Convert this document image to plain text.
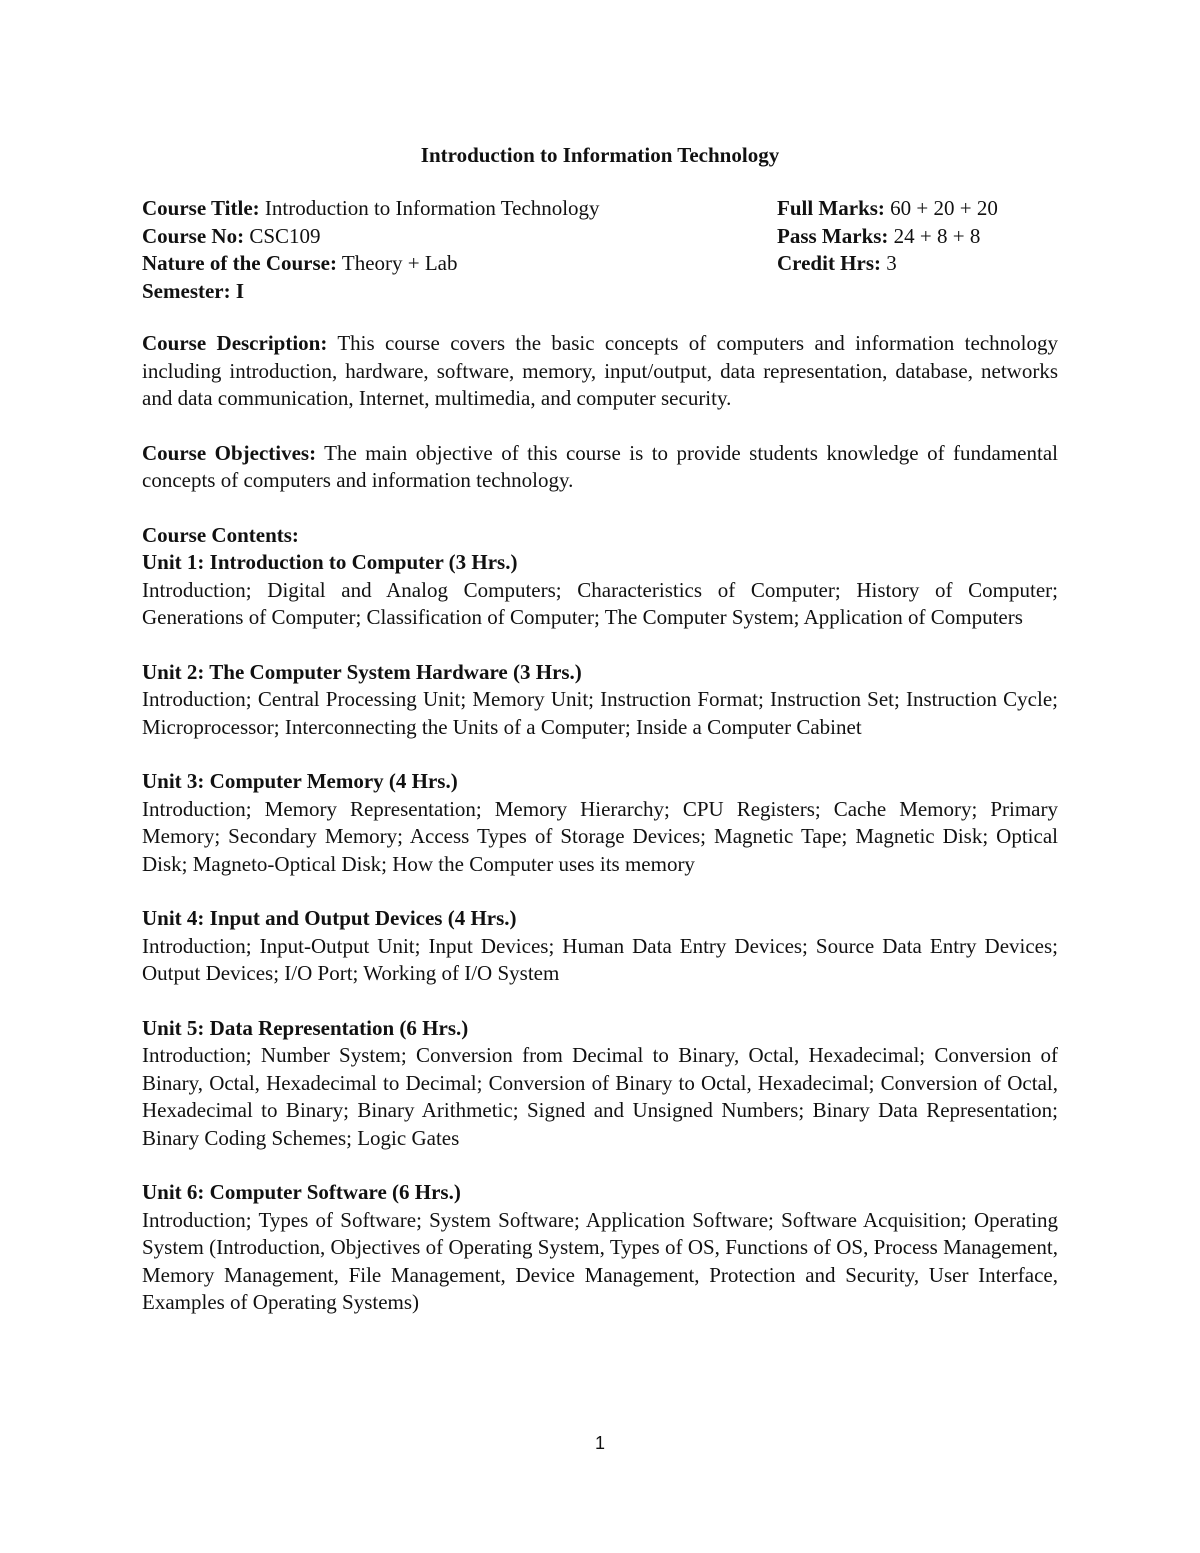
Introduction to Information Technology
Course Title: Introduction to Information Technology	Full Marks: 60 + 20 + 20
Course No: CSC109	Pass Marks: 24 + 8 + 8
Nature of the Course: Theory + Lab	Credit Hrs: 3
Semester: I

Course Description: This course covers the basic concepts of computers and information technology including introduction, hardware, software, memory, input/output, data representation, database, networks and data communication, Internet, multimedia, and computer security.

Course Objectives: The main objective of this course is to provide students knowledge of fundamental concepts of computers and information technology.

Course Contents:

Unit 1: Introduction to Computer (3 Hrs.)

Introduction; Digital and Analog Computers; Characteristics of Computer; History of Computer; Generations of Computer; Classification of Computer; The Computer System; Application of Computers

Unit 2: The Computer System Hardware (3 Hrs.)

Introduction; Central Processing Unit; Memory Unit; Instruction Format; Instruction Set; Instruction Cycle; Microprocessor; Interconnecting the Units of a Computer; Inside a Computer Cabinet

Unit 3: Computer Memory (4 Hrs.)

Introduction; Memory Representation; Memory Hierarchy; CPU Registers; Cache Memory; Primary Memory; Secondary Memory; Access Types of Storage Devices; Magnetic Tape; Magnetic Disk; Optical Disk; Magneto-Optical Disk; How the Computer uses its memory

Unit 4: Input and Output Devices (4 Hrs.)

Introduction; Input-Output Unit; Input Devices; Human Data Entry Devices; Source Data Entry Devices; Output Devices; I/O Port; Working of I/O System

Unit 5: Data Representation (6 Hrs.)

Introduction; Number System; Conversion from Decimal to Binary, Octal, Hexadecimal; Conversion of Binary, Octal, Hexadecimal to Decimal; Conversion of Binary to Octal, Hexadecimal; Conversion of Octal, Hexadecimal to Binary; Binary Arithmetic; Signed and Unsigned Numbers; Binary Data Representation; Binary Coding Schemes; Logic Gates

Unit 6: Computer Software (6 Hrs.)

Introduction; Types of Software; System Software; Application Software; Software Acquisition; Operating System (Introduction, Objectives of Operating System, Types of OS, Functions of OS, Process Management, Memory Management, File Management, Device Management, Protection and Security, User Interface, Examples of Operating Systems)

1
